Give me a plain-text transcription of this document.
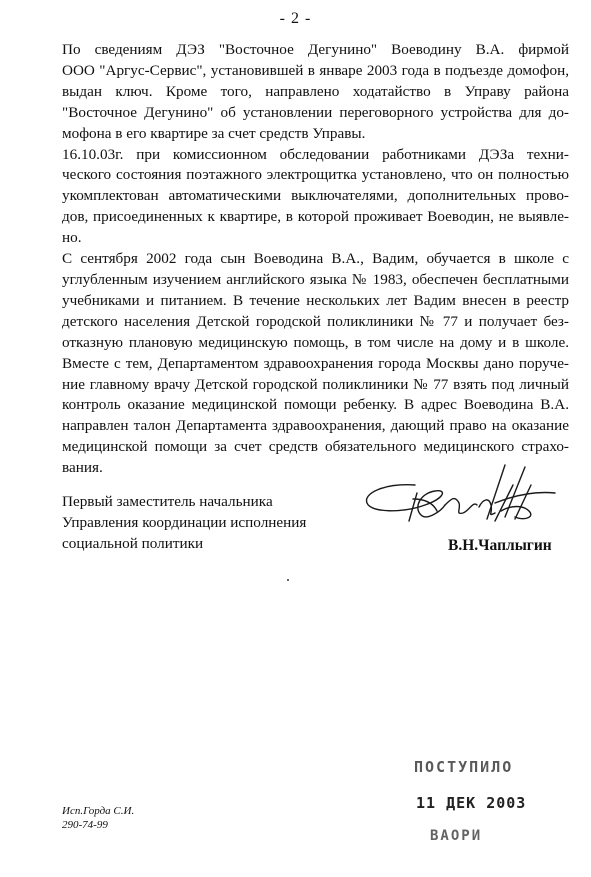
- 2 -

По сведениям ДЭЗ "Восточное Дегунино" Воеводину В.А. фирмой
ООО "Аргус-Сервис", установившей в январе 2003 года в подъезде домофон,
выдан ключ. Кроме того, направлено ходатайство в Управу района
"Восточное Дегунино" об установлении переговорного устройства для до-
мофона в его квартире за счет средств Управы.

16.10.03г. при комиссионном обследовании работниками ДЭЗа техни-
ческого состояния поэтажного электрощитка установлено, что он полностью
укомплектован автоматическими выключателями, дополнительных прово-
дов, присоединенных к квартире, в которой проживает Воеводин, не выявле-
но.

С сентября 2002 года сын Воеводина В.А., Вадим, обучается в школе с
углубленным изучением английского языка № 1983, обеспечен бесплатными
учебниками и питанием. В течение нескольких лет Вадим внесен в реестр
детского населения Детской городской поликлиники № 77 и получает без-
отказную плановую медицинскую помощь, в том числе на дому и в школе.
Вместе с тем, Департаментом здравоохранения города Москвы дано поруче-
ние главному врачу Детской городской поликлиники № 77 взять под личный
контроль оказание медицинской помощи ребенку. В адрес Воеводина В.А.
направлен талон Департамента здравоохранения, дающий право на оказание
медицинской помощи за счет средств обязательного медицинского страхо-
вания.

Первый заместитель начальника
Управления координации исполнения
социальной политики	В.Н.Чаплыгин
ПОСТУПИЛО
11 ДЕК 2003
ВАОРИ
Исп.Горда С.И.
290-74-99
